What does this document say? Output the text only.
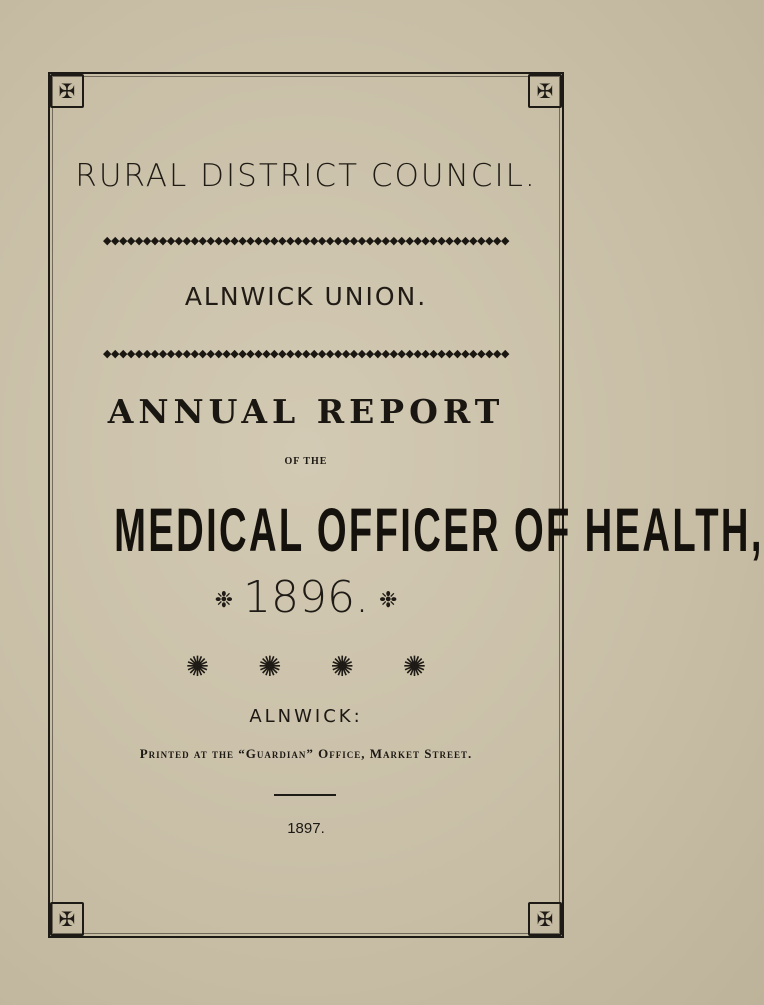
✠	✠
✠	✠
RURAL DISTRICT COUNCIL.
◆◆◆◆◆◆◆◆◆◆◆◆◆◆◆◆◆◆◆◆◆◆◆◆◆◆◆◆◆◆◆◆◆◆◆◆◆◆◆◆◆◆◆◆◆◆◆◆◆◆◆
ALNWICK UNION.
◆◆◆◆◆◆◆◆◆◆◆◆◆◆◆◆◆◆◆◆◆◆◆◆◆◆◆◆◆◆◆◆◆◆◆◆◆◆◆◆◆◆◆◆◆◆◆◆◆◆◆
ANNUAL REPORT
OF THE
MEDICAL OFFICER OF HEALTH,
❉ 1896. ❉
✺ ✺ ✺ ✺
ALNWICK:
Printed at the “Guardian” Office, Market Street.
1897.
